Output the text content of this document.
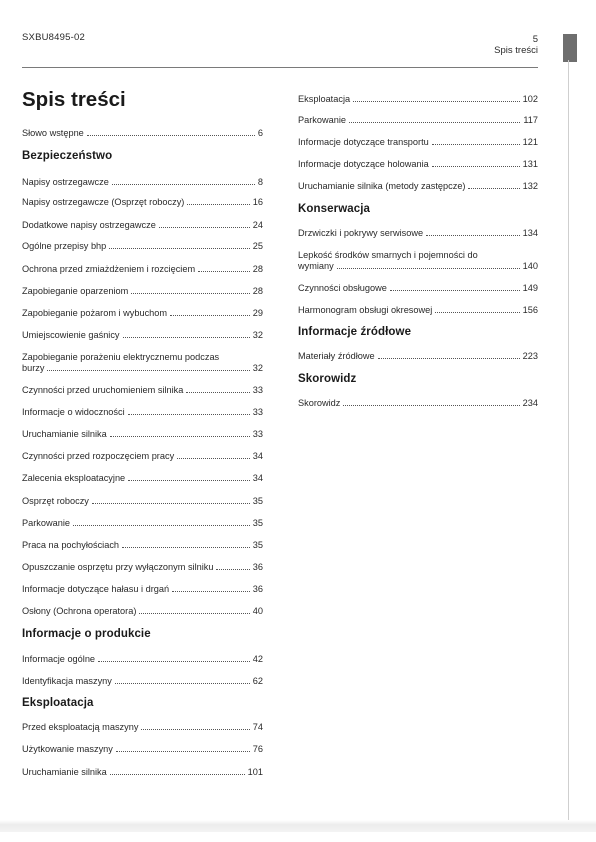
SXBU8495-02	5
Spis treści
Spis treści
Słowo wstępne	6
Bezpieczeństwo
Napisy ostrzegawcze	8
Napisy ostrzegawcze (Osprzęt roboczy)	16
Dodatkowe napisy ostrzegawcze	24
Ogólne przepisy bhp	25
Ochrona przed zmiażdżeniem i rozcięciem	28
Zapobieganie oparzeniom	28
Zapobieganie pożarom i wybuchom	29
Umiejscowienie gaśnicy	32
Zapobieganie porażeniu elektrycznemu podczas
burzy	32
Czynności przed uruchomieniem silnika	33
Informacje o widoczności	33
Uruchamianie silnika	33
Czynności przed rozpoczęciem pracy	34
Zalecenia eksploatacyjne	34
Osprzęt roboczy	35
Parkowanie	35
Praca na pochyłościach	35
Opuszczanie osprzętu przy wyłączonym silniku	36
Informacje dotyczące hałasu i drgań	36
Osłony (Ochrona operatora)	40
Informacje o produkcie
Informacje ogólne	42
Identyfikacja maszyny	62
Eksploatacja
Przed eksploatacją maszyny	74
Użytkowanie maszyny	76
Uruchamianie silnika	101
Eksploatacja	102
Parkowanie	117
Informacje dotyczące transportu	121
Informacje dotyczące holowania	131
Uruchamianie silnika (metody zastępcze)	132
Konserwacja
Drzwiczki i pokrywy serwisowe	134
Lepkość środków smarnych i pojemności do
wymiany	140
Czynności obsługowe	149
Harmonogram obsługi okresowej	156
Informacje źródłowe
Materiały źródłowe	223
Skorowidz
Skorowidz	234
